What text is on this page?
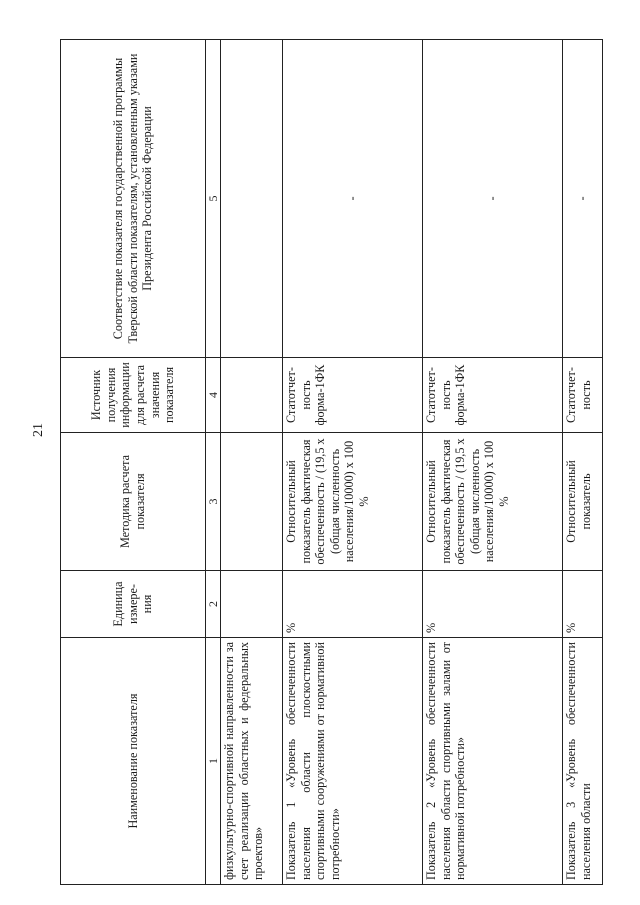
21
Наименование показателя	Единица измере-ния	Методика расчета показателя	Источник получения информации для расчета значения показателя	Соответствие показателя государственной программы Тверской области показателям, установленным указами Президента Российской Федерации
1	2	3	4	5
физкультурно-спортивной направленности за счет реализации областных и федеральных проектов»				
Показатель 1 «Уровень обеспеченности населения области плоскостными спортивными сооружениями от нормативной потребности»	%	Относительный показатель фактическая обеспеченность / (19,5 х (общая численность населения/10000) х 100 %	Статотчет-ность форма-1ФК	-
Показатель 2 «Уровень обеспеченности населения области спортивными залами от нормативной потребности»	%	Относительный показатель фактическая обеспеченность / (19,5 х (общая численность населения/10000) х 100 %	Статотчет-ность форма-1ФК	-
Показатель 3 «Уровень обеспеченности населения области	%	Относительный показатель	Статотчет-ность	-
